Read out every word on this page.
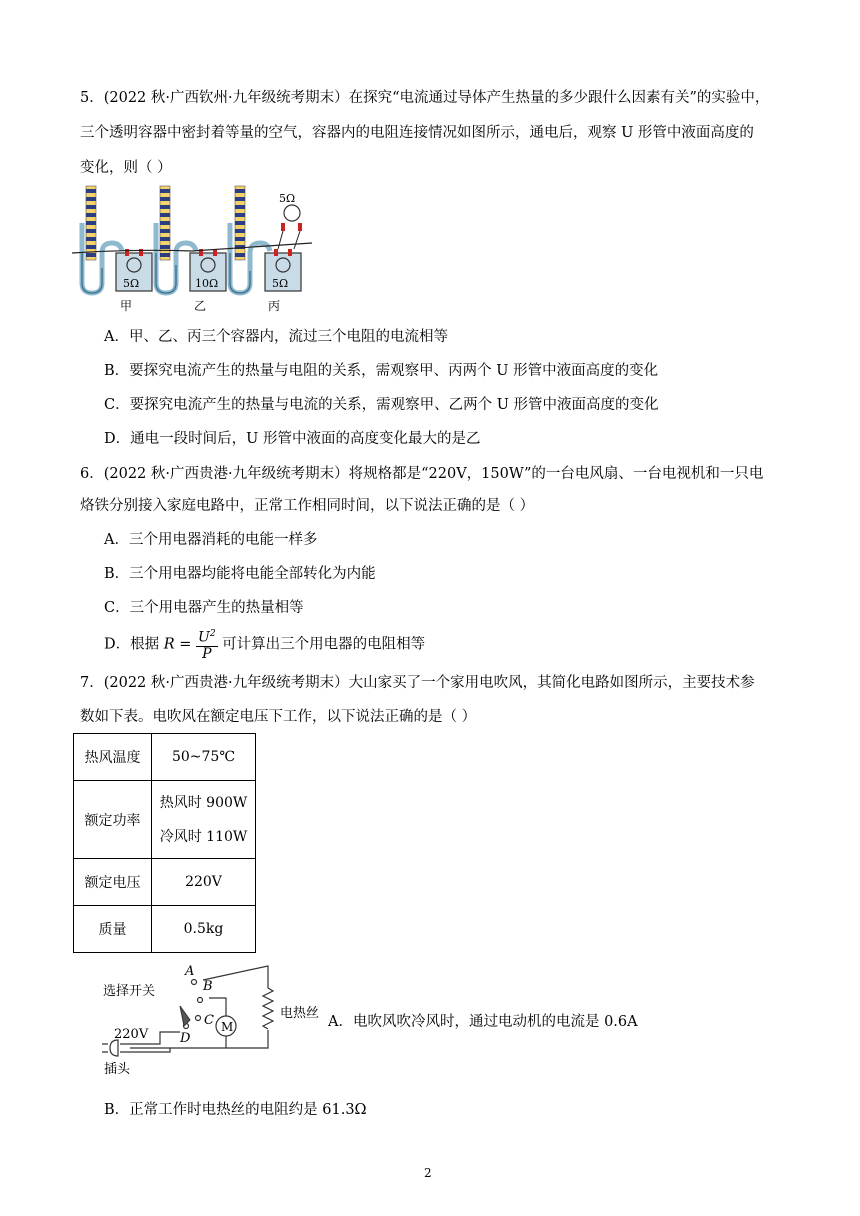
5．(2022 秋·广西钦州·九年级统考期末）在探究“电流通过导体产生热量的多少跟什么因素有关”的实验中，
三个透明容器中密封着等量的空气，容器内的电阻连接情况如图所示，通电后，观察 U 形管中液面高度的
变化，则（ ）
5Ω	10Ω	5Ω
5Ω
甲	乙	丙
A．甲、乙、丙三个容器内，流过三个电阻的电流相等
B．要探究电流产生的热量与电阻的关系，需观察甲、丙两个 U 形管中液面高度的变化
C．要探究电流产生的热量与电流的关系，需观察甲、乙两个 U 形管中液面高度的变化
D．通电一段时间后，U 形管中液面的高度变化最大的是乙
6．(2022 秋·广西贵港·九年级统考期末）将规格都是“220V，150W”的一台电风扇、一台电视机和一只电
烙铁分别接入家庭电路中，正常工作相同时间，以下说法正确的是（ ）
A．三个用电器消耗的电能一样多
B．三个用电器均能将电能全部转化为内能
C．三个用电器产生的热量相等
D．根据 $R = \frac{U^2}{P}$ 可计算出三个用电器的电阻相等
7．(2022 秋·广西贵港·九年级统考期末）大山家买了一个家用电吹风，其简化电路如图所示，主要技术参
数如下表。电吹风在额定电压下工作，以下说法正确的是（ ）
热风温度	50~75℃
额定功率	热风时 900W
冷风时 110W

额定电压	220V
质量	0.5kg
选择开关
A
B
C
D
M
电热丝
220V
插头
A．电吹风吹冷风时，通过电动机的电流是 0.6A
B．正常工作时电热丝的电阻约是 61.3Ω
2
